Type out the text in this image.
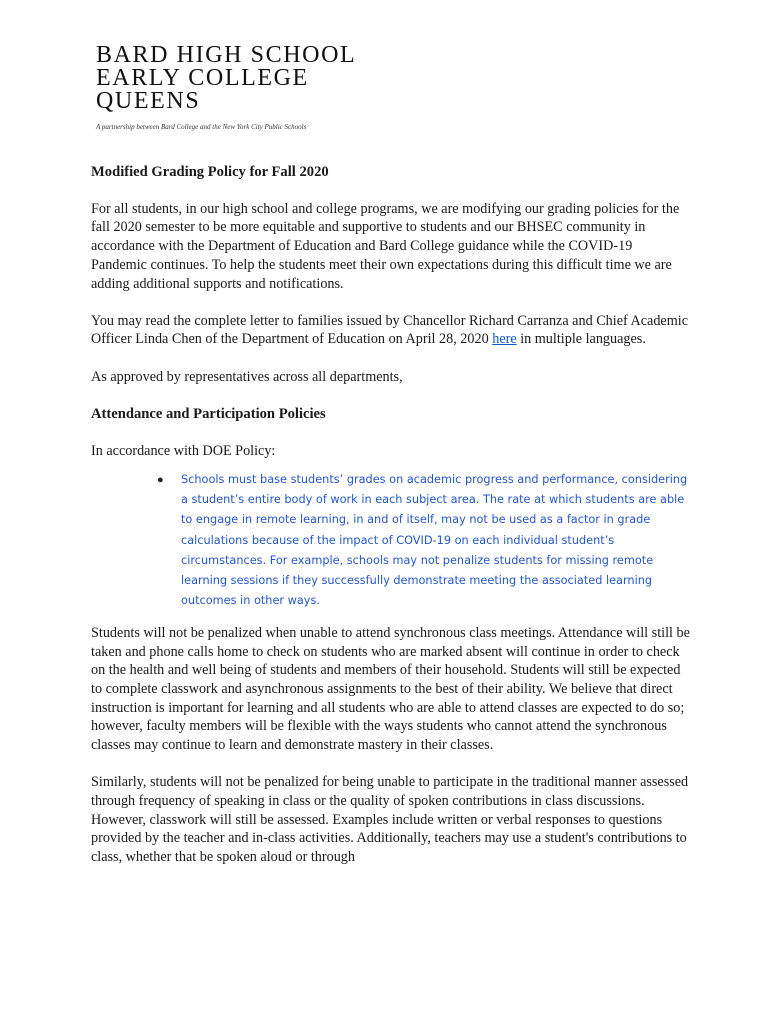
BARD HIGH SCHOOL
EARLY COLLEGE
QUEENS
A partnership between Bard College and the New York City Public Schools

Modified Grading Policy for Fall 2020

For all students, in our high school and college programs, we are modifying our grading policies for the fall 2020 semester to be more equitable and supportive to students and our BHSEC community in accordance with the Department of Education and Bard College guidance while the COVID-19 Pandemic continues. To help the students meet their own expectations during this difficult time we are adding additional supports and notifications.

You may read the complete letter to families issued by Chancellor Richard Carranza and Chief Academic Officer Linda Chen of the Department of Education on April 28, 2020 here in multiple languages.

As approved by representatives across all departments,

Attendance and Participation Policies

In accordance with DOE Policy:

● Schools must base students’ grades on academic progress and performance, considering a student’s entire body of work in each subject area. The rate at which students are able to engage in remote learning, in and of itself, may not be used as a factor in grade calculations because of the impact of COVID-19 on each individual student’s circumstances. For example, schools may not penalize students for missing remote learning sessions if they successfully demonstrate meeting the associated learning outcomes in other ways.

Students will not be penalized when unable to attend synchronous class meetings. Attendance will still be taken and phone calls home to check on students who are marked absent will continue in order to check on the health and well being of students and members of their household. Students will still be expected to complete classwork and asynchronous assignments to the best of their ability. We believe that direct instruction is important for learning and all students who are able to attend classes are expected to do so; however, faculty members will be flexible with the ways students who cannot attend the synchronous classes may continue to learn and demonstrate mastery in their classes.

Similarly, students will not be penalized for being unable to participate in the traditional manner assessed through frequency of speaking in class or the quality of spoken contributions in class discussions. However, classwork will still be assessed. Examples include written or verbal responses to questions provided by the teacher and in-class activities. Additionally, teachers may use a student's contributions to class, whether that be spoken aloud or through
